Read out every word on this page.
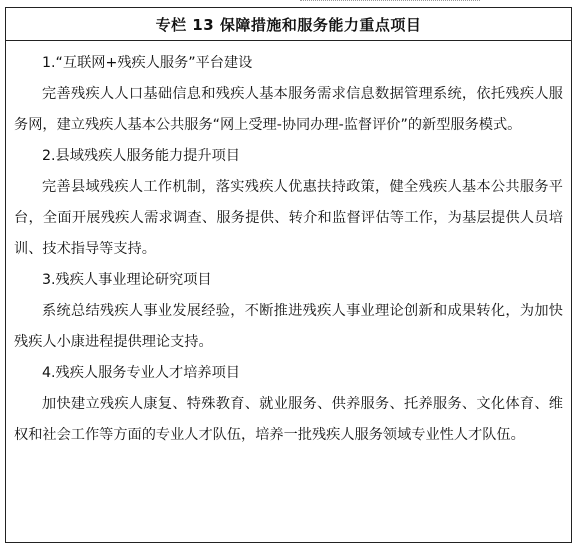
专栏 13 保障措施和服务能力重点项目

1.“互联网+残疾人服务”平台建设

完善残疾人人口基础信息和残疾人基本服务需求信息数据管理系统，依托残疾人服务网，建立残疾人基本公共服务“网上受理-协同办理-监督评价”的新型服务模式。

2.县域残疾人服务能力提升项目

完善县域残疾人工作机制，落实残疾人优惠扶持政策，健全残疾人基本公共服务平台，全面开展残疾人需求调查、服务提供、转介和监督评估等工作，为基层提供人员培训、技术指导等支持。

3.残疾人事业理论研究项目

系统总结残疾人事业发展经验，不断推进残疾人事业理论创新和成果转化，为加快残疾人小康进程提供理论支持。

4.残疾人服务专业人才培养项目

加快建立残疾人康复、特殊教育、就业服务、供养服务、托养服务、文化体育、维权和社会工作等方面的专业人才队伍，培养一批残疾人服务领域专业性人才队伍。
